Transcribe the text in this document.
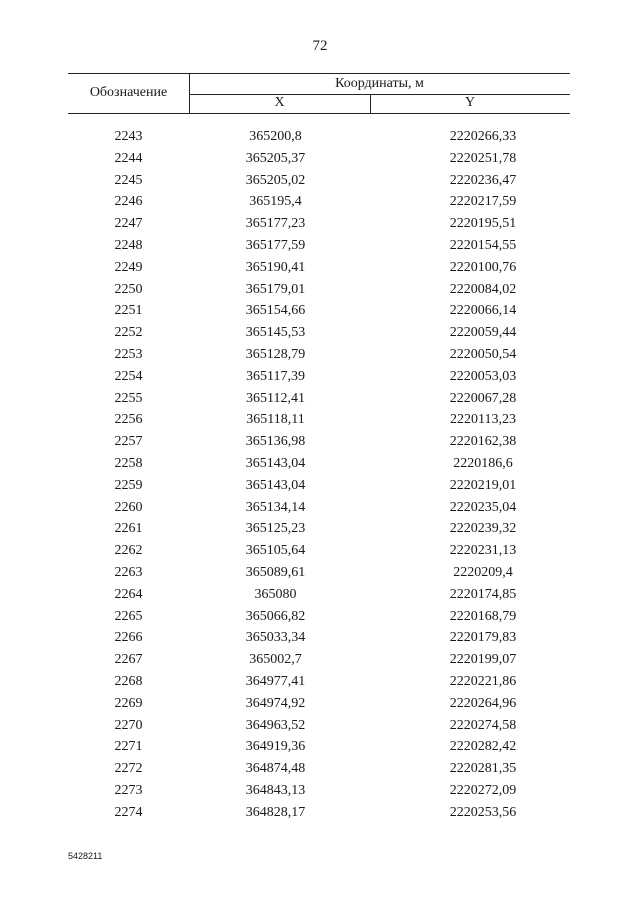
72
Обозначение
Координаты, м
X	Y
2243	365200,8	2220266,33
2244	365205,37	2220251,78
2245	365205,02	2220236,47
2246	365195,4	2220217,59
2247	365177,23	2220195,51
2248	365177,59	2220154,55
2249	365190,41	2220100,76
2250	365179,01	2220084,02
2251	365154,66	2220066,14
2252	365145,53	2220059,44
2253	365128,79	2220050,54
2254	365117,39	2220053,03
2255	365112,41	2220067,28
2256	365118,11	2220113,23
2257	365136,98	2220162,38
2258	365143,04	2220186,6
2259	365143,04	2220219,01
2260	365134,14	2220235,04
2261	365125,23	2220239,32
2262	365105,64	2220231,13
2263	365089,61	2220209,4
2264	365080	2220174,85
2265	365066,82	2220168,79
2266	365033,34	2220179,83
2267	365002,7	2220199,07
2268	364977,41	2220221,86
2269	364974,92	2220264,96
2270	364963,52	2220274,58
2271	364919,36	2220282,42
2272	364874,48	2220281,35
2273	364843,13	2220272,09
2274	364828,17	2220253,56
5428211
